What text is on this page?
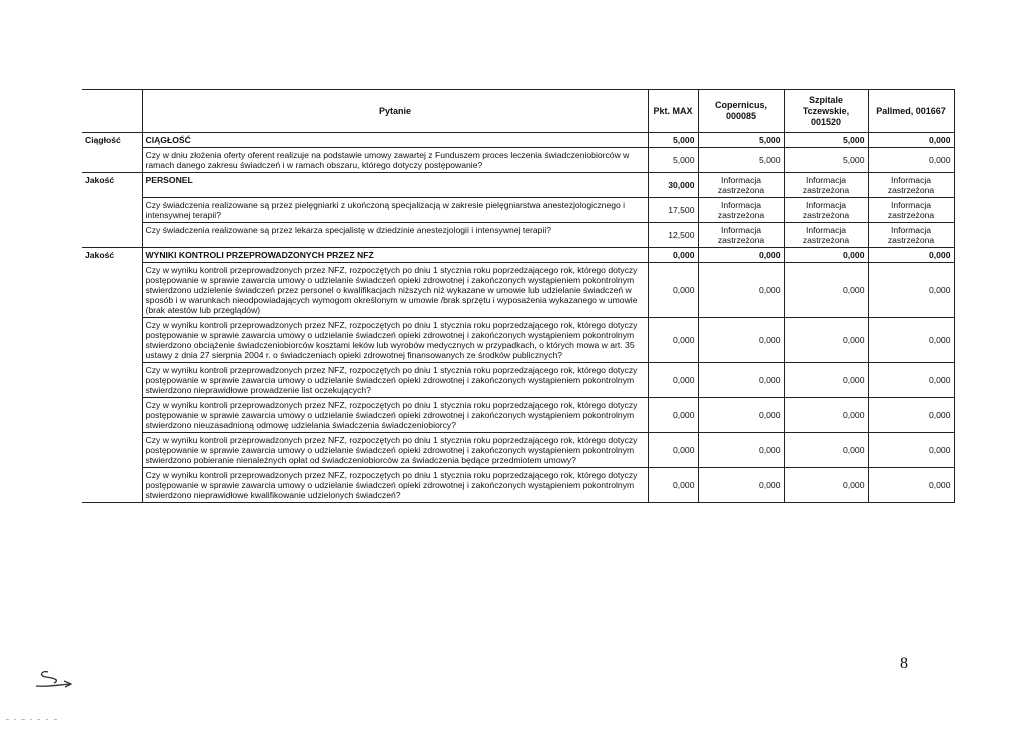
	Pytanie	Pkt. MAX	Copernicus, 000085	Szpitale Tczewskie, 001520	Pallmed, 001667
Ciągłość	CIĄGŁOŚĆ	5,000	5,000	5,000	0,000
	Czy w dniu złożenia oferty oferent realizuje na podstawie umowy zawartej z Funduszem proces leczenia świadczeniobiorców w ramach danego zakresu świadczeń i w ramach obszaru, którego dotyczy postępowanie?	5,000	5,000	5,000	0,000
Jakość	PERSONEL	30,000	Informacja zastrzeżona	Informacja zastrzeżona	Informacja zastrzeżona
	Czy świadczenia realizowane są przez pielęgniarki z ukończoną specjalizacją w zakresie pielęgniarstwa anestezjologicznego i intensywnej terapii?	17,500	Informacja zastrzeżona	Informacja zastrzeżona	Informacja zastrzeżona
	Czy świadczenia realizowane są przez lekarza specjalistę w dziedzinie anestezjologii i intensywnej terapii?	12,500	Informacja zastrzeżona	Informacja zastrzeżona	Informacja zastrzeżona
Jakość	WYNIKI KONTROLI PRZEPROWADZONYCH PRZEZ NFZ	0,000	0,000	0,000	0,000
	Czy w wyniku kontroli przeprowadzonych przez NFZ, rozpoczętych po dniu 1 stycznia roku poprzedzającego rok, którego dotyczy postępowanie w sprawie zawarcia umowy o udzielanie świadczeń opieki zdrowotnej i zakończonych wystąpieniem pokontrolnym stwierdzono udzielenie świadczeń przez personel o kwalifikacjach niższych niż wykazane w umowie lub udzielanie świadczeń w sposób i w warunkach nieodpowiadających wymogom określonym w umowie /brak sprzętu i wyposażenia wykazanego w umowie (brak atestów lub przeglądów)	0,000	0,000	0,000	0,000
	Czy w wyniku kontroli przeprowadzonych przez NFZ, rozpoczętych po dniu 1 stycznia roku poprzedzającego rok, którego dotyczy postępowanie w sprawie zawarcia umowy o udzielanie świadczeń opieki zdrowotnej i zakończonych wystąpieniem pokontrolnym stwierdzono obciążenie świadczeniobiorców kosztami leków lub wyrobów medycznych w przypadkach, o których mowa w art. 35 ustawy z dnia 27 sierpnia 2004 r. o świadczeniach opieki zdrowotnej finansowanych ze środków publicznych?	0,000	0,000	0,000	0,000
	Czy w wyniku kontroli przeprowadzonych przez NFZ, rozpoczętych po dniu 1 stycznia roku poprzedzającego rok, którego dotyczy postępowanie w sprawie zawarcia umowy o udzielanie świadczeń opieki zdrowotnej i zakończonych wystąpieniem pokontrolnym stwierdzono nieprawidłowe prowadzenie list oczekujących?	0,000	0,000	0,000	0,000
	Czy w wyniku kontroli przeprowadzonych przez NFZ, rozpoczętych po dniu 1 stycznia roku poprzedzającego rok, którego dotyczy postępowanie w sprawie zawarcia umowy o udzielanie świadczeń opieki zdrowotnej i zakończonych wystąpieniem pokontrolnym stwierdzono nieuzasadnioną odmowę udzielania świadczenia świadczeniobiorcy?	0,000	0,000	0,000	0,000
	Czy w wyniku kontroli przeprowadzonych przez NFZ, rozpoczętych po dniu 1 stycznia roku poprzedzającego rok, którego dotyczy postępowanie w sprawie zawarcia umowy o udzielanie świadczeń opieki zdrowotnej i zakończonych wystąpieniem pokontrolnym stwierdzono pobieranie nienależnych opłat od świadczeniobiorców za świadczenia będące przedmiotem umowy?	0,000	0,000	0,000	0,000
	Czy w wyniku kontroli przeprowadzonych przez NFZ, rozpoczętych po dniu 1 stycznia roku poprzedzającego rok, którego dotyczy postępowanie w sprawie zawarcia umowy o udzielanie świadczeń opieki zdrowotnej i zakończonych wystąpieniem pokontrolnym stwierdzono nieprawidłowe kwalifikowanie udzielonych świadczeń?	0,000	0,000	0,000	0,000
8
